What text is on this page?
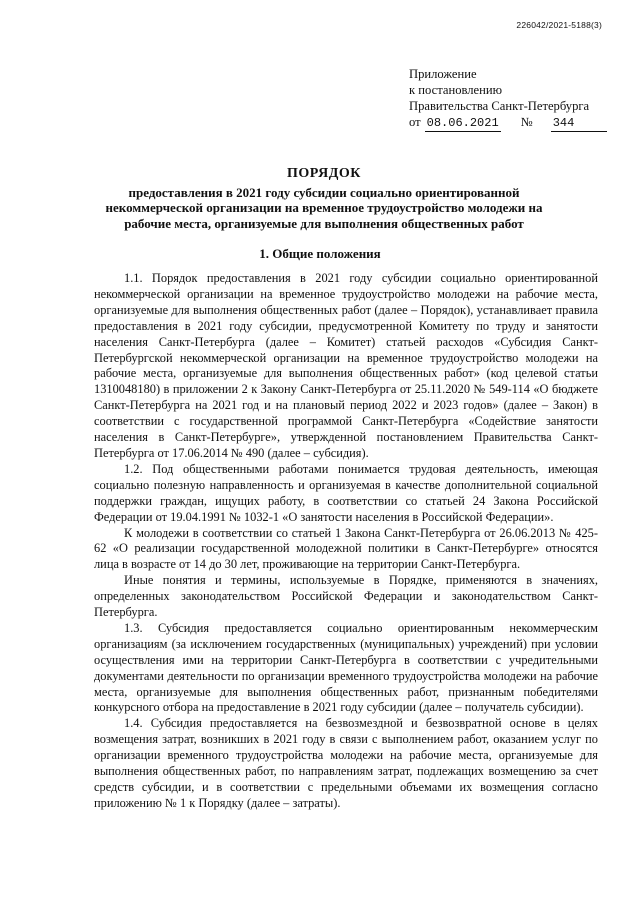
226042/2021-5188(3)
Приложение
к постановлению
Правительства Санкт-Петербурга
от 08.06.2021 № 344
ПОРЯДОК
предоставления в 2021 году субсидии социально ориентированной некоммерческой организации на временное трудоустройство молодежи на рабочие места, организуемые для выполнения общественных работ
1. Общие положения

1.1. Порядок предоставления в 2021 году субсидии социально ориентированной некоммерческой организации на временное трудоустройство молодежи на рабочие места, организуемые для выполнения общественных работ (далее – Порядок), устанавливает правила предоставления в 2021 году субсидии, предусмотренной Комитету по труду и занятости населения Санкт-Петербурга (далее – Комитет) статьей расходов «Субсидия Санкт-Петербургской некоммерческой организации на временное трудоустройство молодежи на рабочие места, организуемые для выполнения общественных работ» (код целевой статьи 1310048180) в приложении 2 к Закону Санкт-Петербурга от 25.11.2020 № 549-114 «О бюджете Санкт-Петербурга на 2021 год и на плановый период 2022 и 2023 годов» (далее – Закон) в соответствии с государственной программой Санкт-Петербурга «Содействие занятости населения в Санкт-Петербурге», утвержденной постановлением Правительства Санкт-Петербурга от 17.06.2014 № 490 (далее – субсидия).

1.2. Под общественными работами понимается трудовая деятельность, имеющая социально полезную направленность и организуемая в качестве дополнительной социальной поддержки граждан, ищущих работу, в соответствии со статьей 24 Закона Российской Федерации от 19.04.1991 № 1032-1 «О занятости населения в Российской Федерации».

К молодежи в соответствии со статьей 1 Закона Санкт-Петербурга от 26.06.2013 № 425-62 «О реализации государственной молодежной политики в Санкт-Петербурге» относятся лица в возрасте от 14 до 30 лет, проживающие на территории Санкт-Петербурга.

Иные понятия и термины, используемые в Порядке, применяются в значениях, определенных законодательством Российской Федерации и законодательством Санкт-Петербурга.

1.3. Субсидия предоставляется социально ориентированным некоммерческим организациям (за исключением государственных (муниципальных) учреждений) при условии осуществления ими на территории Санкт-Петербурга в соответствии с учредительными документами деятельности по организации временного трудоустройства молодежи на рабочие места, организуемые для выполнения общественных работ, признанным победителями конкурсного отбора на предоставление в 2021 году субсидии (далее – получатель субсидии).

1.4. Субсидия предоставляется на безвозмездной и безвозвратной основе в целях возмещения затрат, возникших в 2021 году в связи с выполнением работ, оказанием услуг по организации временного трудоустройства молодежи на рабочие места, организуемые для выполнения общественных работ, по направлениям затрат, подлежащих возмещению за счет средств субсидии, и в соответствии с предельными объемами их возмещения согласно приложению № 1 к Порядку (далее – затраты).
